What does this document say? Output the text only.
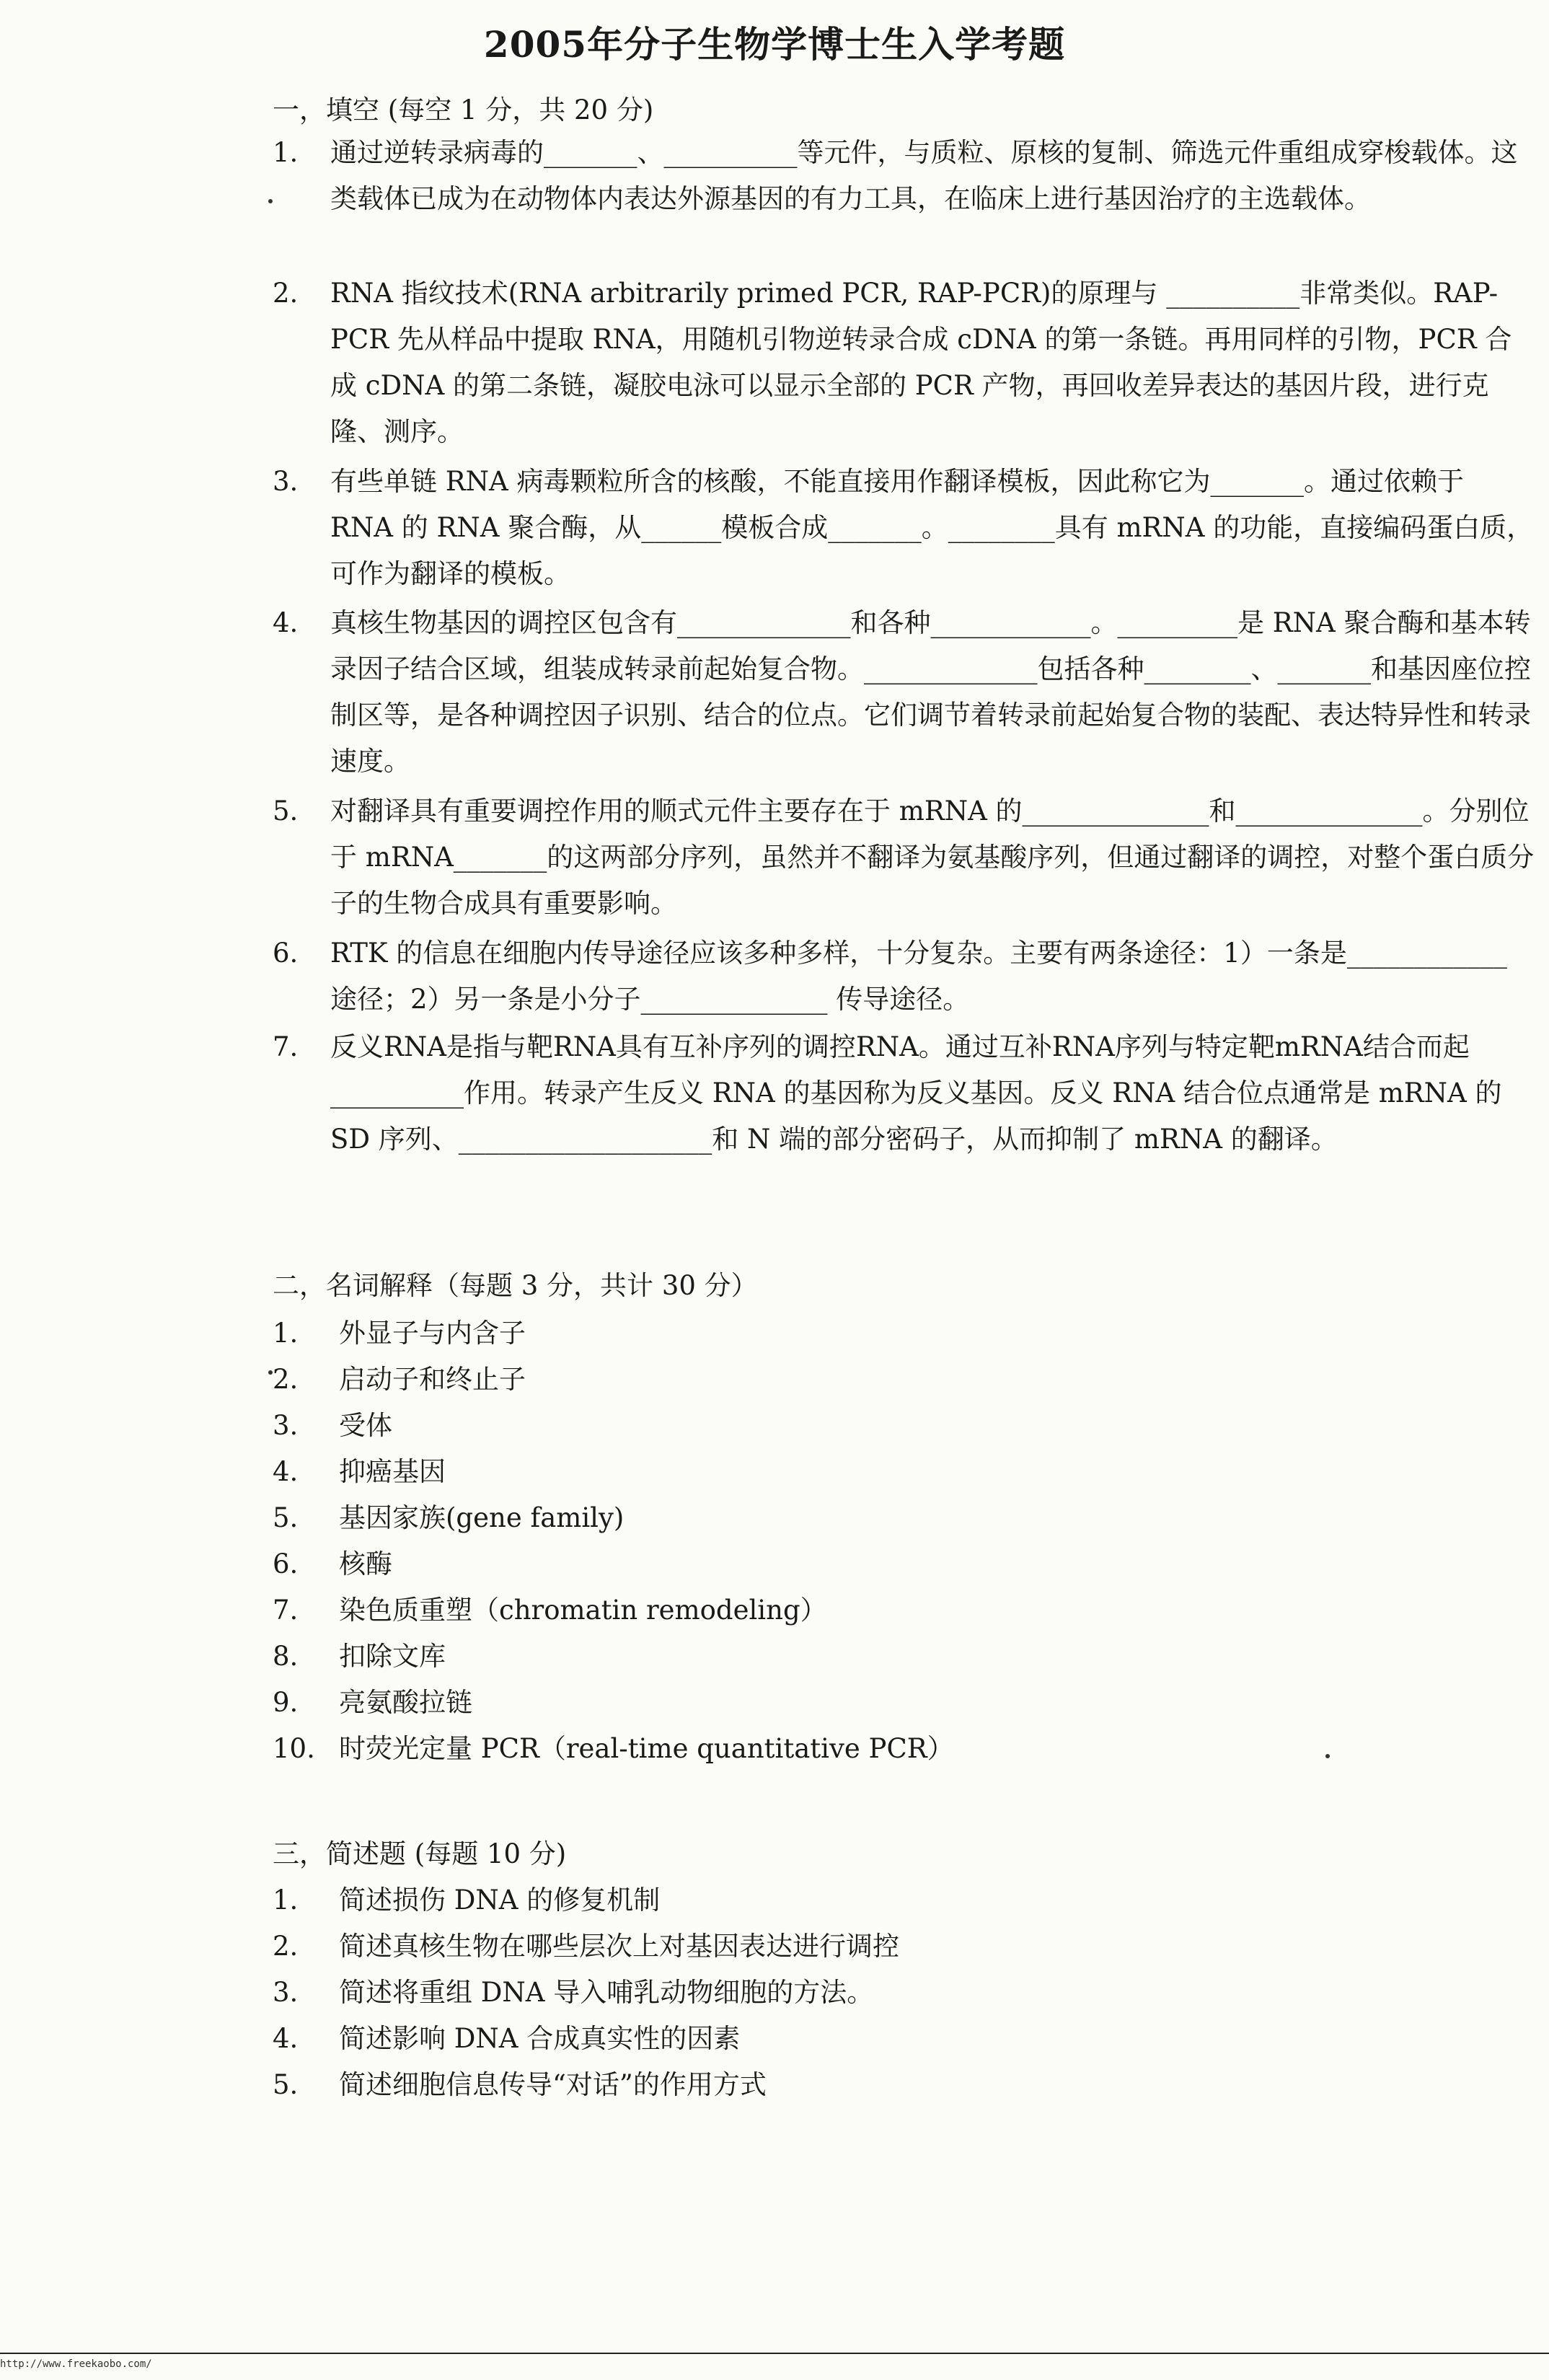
2005年分子生物学博士生入学考题
一，填空 (每空 1 分，共 20 分)
1. 通过逆转录病毒的_______、__________等元件，与质粒、原核的复制、筛选元件重组成穿梭载体。这类载体已成为在动物体内表达外源基因的有力工具，在临床上进行基因治疗的主选载体。
2. RNA 指纹技术(RNA arbitrarily primed PCR, RAP-PCR)的原理与 __________非常类似。RAP-PCR 先从样品中提取 RNA，用随机引物逆转录合成 cDNA 的第一条链。再用同样的引物，PCR 合成 cDNA 的第二条链，凝胶电泳可以显示全部的 PCR 产物，再回收差异表达的基因片段，进行克隆、测序。
3. 有些单链 RNA 病毒颗粒所含的核酸，不能直接用作翻译模板，因此称它为_______。通过依赖于 RNA 的 RNA 聚合酶，从______模板合成_______。________具有 mRNA 的功能，直接编码蛋白质，可作为翻译的模板。
4. 真核生物基因的调控区包含有_____________和各种____________。_________是 RNA 聚合酶和基本转录因子结合区域，组装成转录前起始复合物。_____________包括各种________、_______和基因座位控制区等，是各种调控因子识别、结合的位点。它们调节着转录前起始复合物的装配、表达特异性和转录速度。
5. 对翻译具有重要调控作用的顺式元件主要存在于 mRNA 的______________和______________。分别位于 mRNA_______的这两部分序列，虽然并不翻译为氨基酸序列，但通过翻译的调控，对整个蛋白质分子的生物合成具有重要影响。
6. RTK 的信息在细胞内传导途径应该多种多样，十分复杂。主要有两条途径：1）一条是____________ 途径；2）另一条是小分子______________ 传导途径。
7. 反义RNA是指与靶RNA具有互补序列的调控RNA。通过互补RNA序列与特定靶mRNA结合而起__________作用。转录产生反义 RNA 的基因称为反义基因。反义 RNA 结合位点通常是 mRNA 的 SD 序列、___________________和 N 端的部分密码子，从而抑制了 mRNA 的翻译。
二，名词解释（每题 3 分，共计 30 分）
1. 外显子与内含子
2. 启动子和终止子
3. 受体
4. 抑癌基因
5. 基因家族(gene family)
6. 核酶
7. 染色质重塑（chromatin remodeling）
8. 扣除文库
9. 亮氨酸拉链
10. 时荧光定量 PCR（real-time quantitative PCR）
三，简述题 (每题 10 分)
1. 简述损伤 DNA 的修复机制
2. 简述真核生物在哪些层次上对基因表达进行调控
3. 简述将重组 DNA 导入哺乳动物细胞的方法。
4. 简述影响 DNA 合成真实性的因素
5. 简述细胞信息传导“对话”的作用方式
http://www.freekaobo.com/
